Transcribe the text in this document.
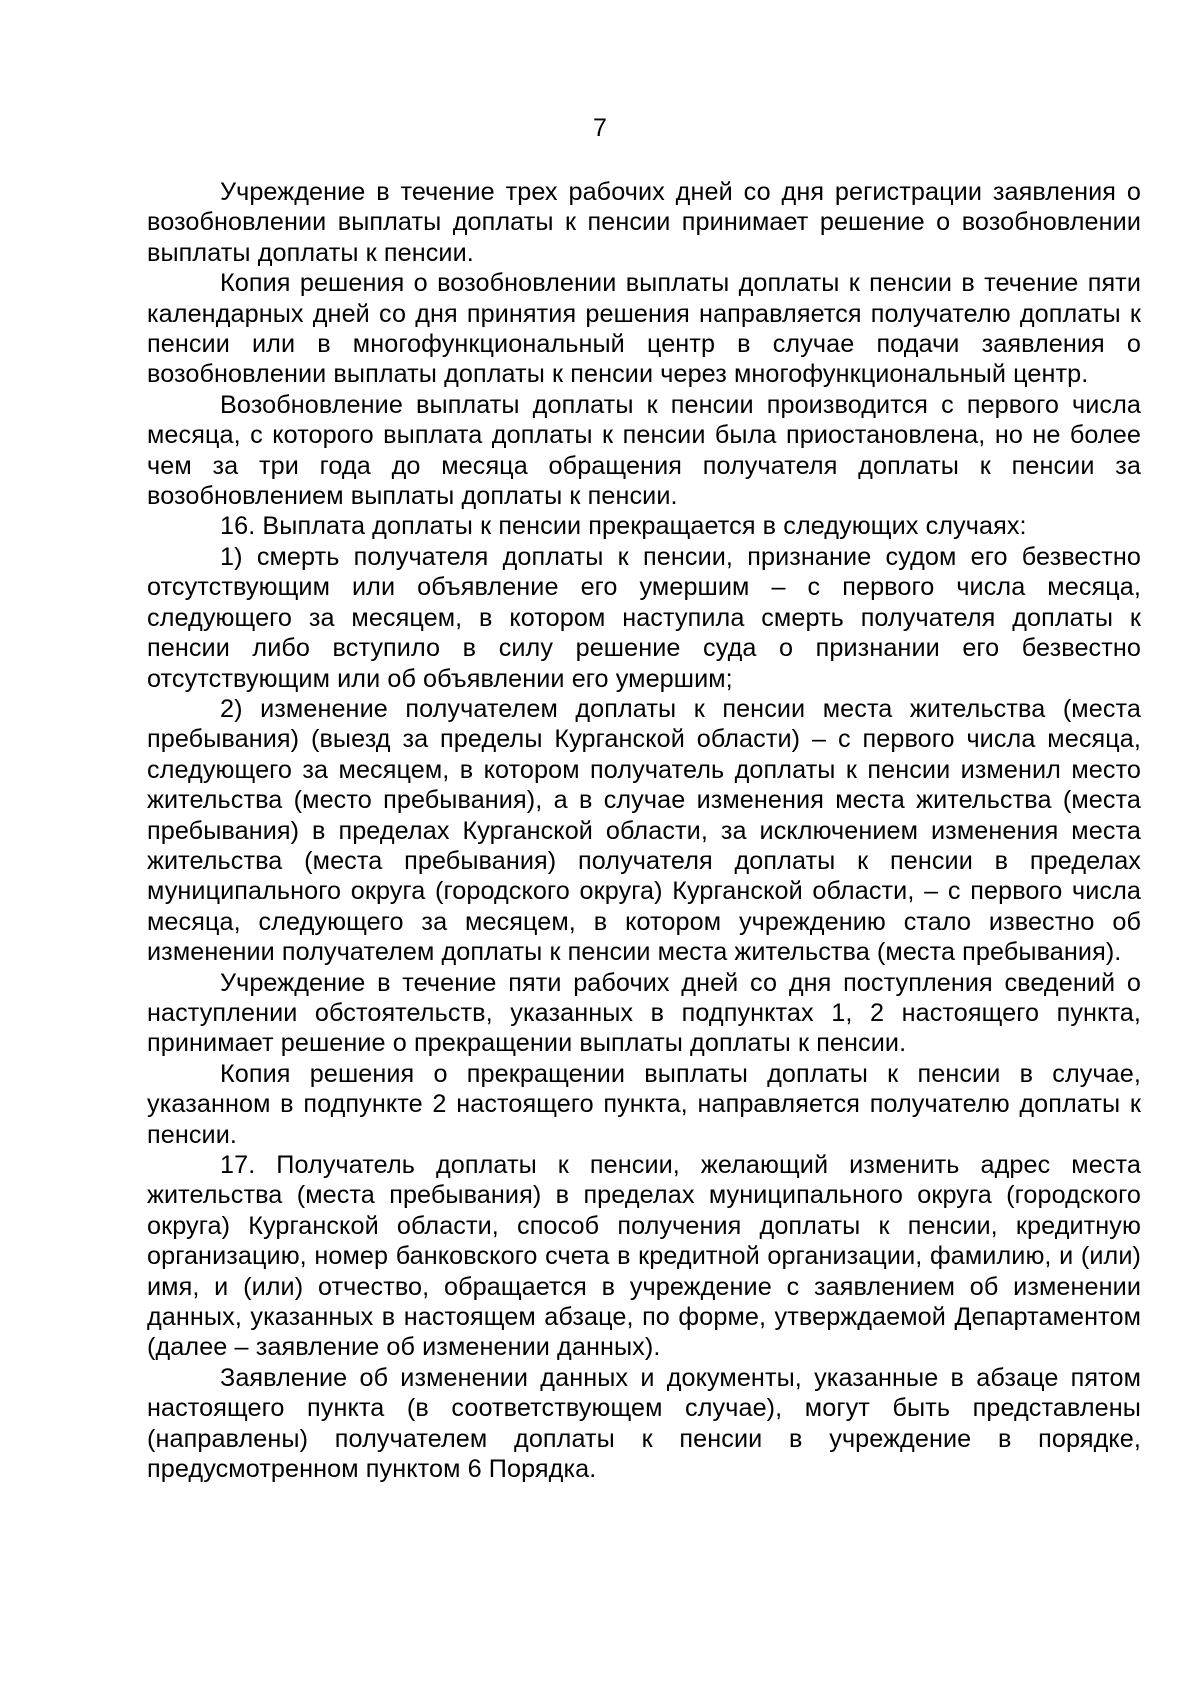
7

Учреждение в течение трех рабочих дней со дня регистрации заявления о возобновлении выплаты доплаты к пенсии принимает решение о возобновлении выплаты доплаты к пенсии.

Копия решения о возобновлении выплаты доплаты к пенсии в течение пяти календарных дней со дня принятия решения направляется получателю доплаты к пенсии или в многофункциональный центр в случае подачи заявления о возобновлении выплаты доплаты к пенсии через многофункциональный центр.

Возобновление выплаты доплаты к пенсии производится с первого числа месяца, с которого выплата доплаты к пенсии была приостановлена, но не более чем за три года до месяца обращения получателя доплаты к пенсии за возобновлением выплаты доплаты к пенсии.

16. Выплата доплаты к пенсии прекращается в следующих случаях:

1) смерть получателя доплаты к пенсии, признание судом его безвестно отсутствующим или объявление его умершим – с первого числа месяца, следующего за месяцем, в котором наступила смерть получателя доплаты к пенсии либо вступило в силу решение суда о признании его безвестно отсутствующим или об объявлении его умершим;

2) изменение получателем доплаты к пенсии места жительства (места пребывания) (выезд за пределы Курганской области) – с первого числа месяца, следующего за месяцем, в котором получатель доплаты к пенсии изменил место жительства (место пребывания), а в случае изменения места жительства (места пребывания) в пределах Курганской области, за исключением изменения места жительства (места пребывания) получателя доплаты к пенсии в пределах муниципального округа (городского округа) Курганской области, – с первого числа месяца, следующего за месяцем, в котором учреждению стало известно об изменении получателем доплаты к пенсии места жительства (места пребывания).

Учреждение в течение пяти рабочих дней со дня поступления сведений о наступлении обстоятельств, указанных в подпунктах 1, 2 настоящего пункта, принимает решение о прекращении выплаты доплаты к пенсии.

Копия решения о прекращении выплаты доплаты к пенсии в случае, указанном в подпункте 2 настоящего пункта, направляется получателю доплаты к пенсии.

17. Получатель доплаты к пенсии, желающий изменить адрес места жительства (места пребывания) в пределах муниципального округа (городского округа) Курганской области, способ получения доплаты к пенсии, кредитную организацию, номер банковского счета в кредитной организации, фамилию, и (или) имя, и (или) отчество, обращается в учреждение с заявлением об изменении данных, указанных в настоящем абзаце, по форме, утверждаемой Департаментом (далее – заявление об изменении данных).

Заявление об изменении данных и документы, указанные в абзаце пятом настоящего пункта (в соответствующем случае), могут быть представлены (направлены) получателем доплаты к пенсии в учреждение в порядке, предусмотренном пунктом 6 Порядка.
